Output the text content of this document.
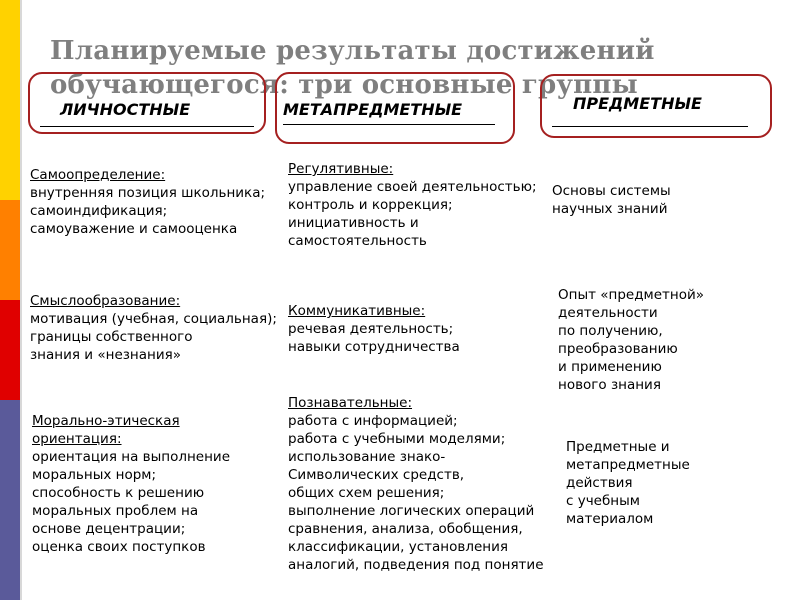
Планируемые результаты достижений
обучающегося: три основные группы
ЛИЧНОСТНЫЕ	МЕТАПРЕДМЕТНЫЕ	ПРЕДМЕТНЫЕ
Самоопределение:
внутренняя позиция школьника;
самоиндификация;
самоуважение и самооценка
Смыслообразование:
мотивация (учебная, социальная);
границы собственного
знания и «незнания»
Морально-этическая
ориентация:
ориентация на выполнение
моральных норм;
способность к решению
моральных проблем на
основе децентрации;
оценка своих поступков
Регулятивные:
управление своей деятельностью;
контроль и коррекция;
инициативность и
самостоятельность
Коммуникативные:
речевая деятельность;
навыки сотрудничества
Познавательные:
работа с информацией;
работа с учебными моделями;
использование знако-
Символических средств,
общих схем решения;
выполнение логических операций
сравнения, анализа, обобщения,
классификации, установления
аналогий, подведения под понятие
Основы системы
научных знаний
Опыт «предметной»
деятельности
по получению,
преобразованию
и применению
нового знания
Предметные и
метапредметные
действия
с учебным
материалом
